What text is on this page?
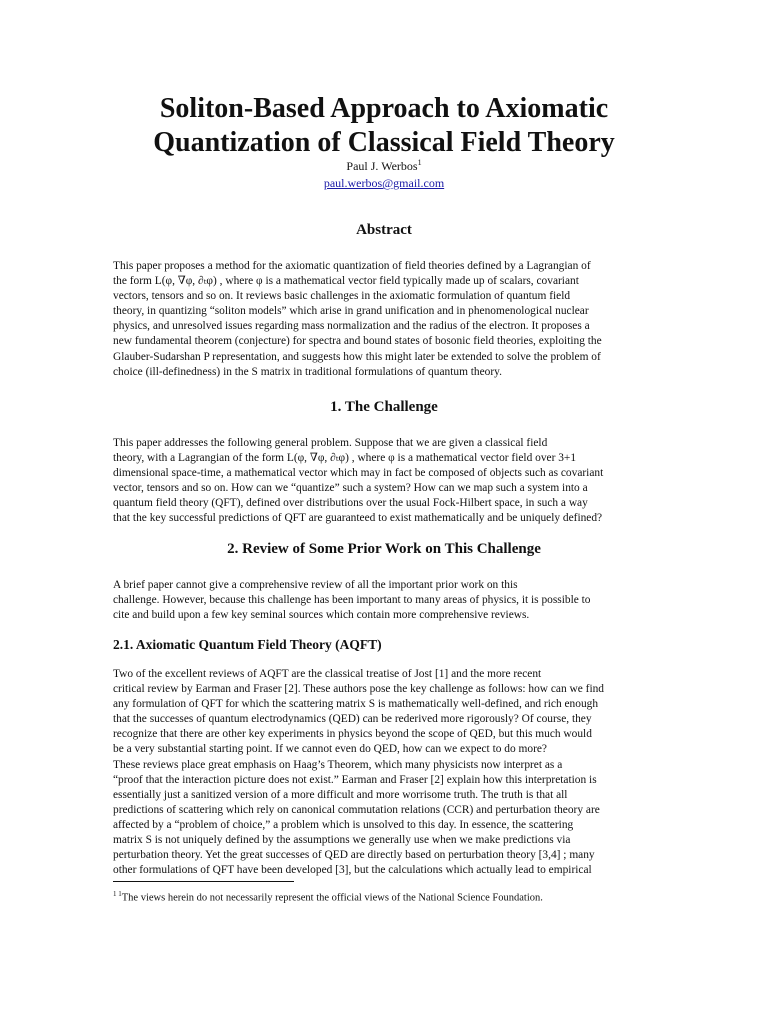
Soliton-Based Approach to Axiomatic
Quantization of Classical Field Theory
Paul J. Werbos$^1$
paul.werbos@gmail.com
Abstract
This paper proposes a method for the axiomatic quantization of field theories defined by a Lagrangian of
the form L(φ, ∇φ, ∂ₜφ) , where φ is a mathematical vector field typically made up of scalars, covariant
vectors, tensors and so on. It reviews basic challenges in the axiomatic formulation of quantum field
theory, in quantizing “soliton models” which arise in grand unification and in phenomenological nuclear
physics, and unresolved issues regarding mass normalization and the radius of the electron. It proposes a
new fundamental theorem (conjecture) for spectra and bound states of bosonic field theories, exploiting the
Glauber-Sudarshan P representation, and suggests how this might later be extended to solve the problem of
choice (ill-definedness) in the S matrix in traditional formulations of quantum theory.
1. The Challenge
This paper addresses the following general problem. Suppose that we are given a classical field
theory, with a Lagrangian of the form L(φ, ∇φ, ∂ₜφ) , where φ is a mathematical vector field over 3+1
dimensional space-time, a mathematical vector which may in fact be composed of objects such as covariant
vector, tensors and so on. How can we “quantize” such a system? How can we map such a system into a
quantum field theory (QFT), defined over distributions over the usual Fock-Hilbert space, in such a way
that the key successful predictions of QFT are guaranteed to exist mathematically and be uniquely defined?
2. Review of Some Prior Work on This Challenge
A brief paper cannot give a comprehensive review of all the important prior work on this
challenge. However, because this challenge has been important to many areas of physics, it is possible to
cite and build upon a few key seminal sources which contain more comprehensive reviews.
2.1. Axiomatic Quantum Field Theory (AQFT)
Two of the excellent reviews of AQFT are the classical treatise of Jost [1] and the more recent
critical review by Earman and Fraser [2]. These authors pose the key challenge as follows: how can we find
any formulation of QFT for which the scattering matrix S is mathematically well-defined, and rich enough
that the successes of quantum electrodynamics (QED) can be rederived more rigorously? Of course, they
recognize that there are other key experiments in physics beyond the scope of QED, but this much would
be a very substantial starting point. If we cannot even do QED, how can we expect to do more?
These reviews place great emphasis on Haag’s Theorem, which many physicists now interpret as a
“proof that the interaction picture does not exist.” Earman and Fraser [2] explain how this interpretation is
essentially just a sanitized version of a more difficult and more worrisome truth. The truth is that all
predictions of scattering which rely on canonical commutation relations (CCR) and perturbation theory are
affected by a “problem of choice,” a problem which is unsolved to this day. In essence, the scattering
matrix S is not uniquely defined by the assumptions we generally use when we make predictions via
perturbation theory. Yet the great successes of QED are directly based on perturbation theory [3,4] ; many
other formulations of QFT have been developed [3], but the calculations which actually lead to empirical
$^{1 1}$The views herein do not necessarily represent the official views of the National Science Foundation.
